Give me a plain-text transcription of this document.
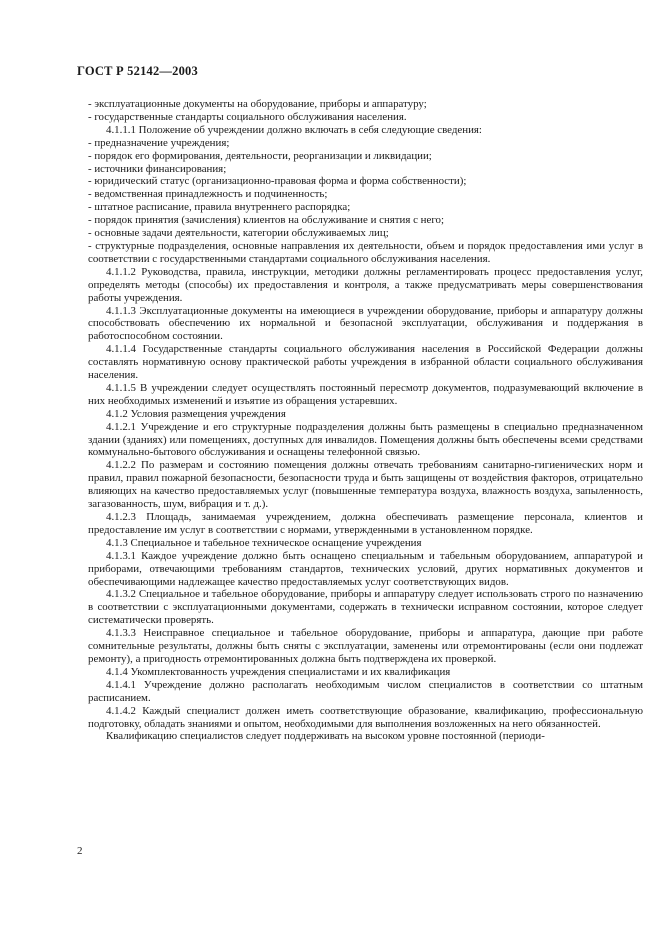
ГОСТ Р 52142—2003

- эксплуатационные документы на оборудование, приборы и аппаратуру;

- государственные стандарты социального обслуживания населения.

4.1.1.1 Положение об учреждении должно включать в себя следующие сведения:

- предназначение учреждения;

- порядок его формирования, деятельности, реорганизации и ликвидации;

- источники финансирования;

- юридический статус (организационно-правовая форма и форма собственности);

- ведомственная принадлежность и подчиненность;

- штатное расписание, правила внутреннего распорядка;

- порядок принятия (зачисления) клиентов на обслуживание и снятия с него;

- основные задачи деятельности, категории обслуживаемых лиц;

- структурные подразделения, основные направления их деятельности, объем и порядок предоставления ими услуг в соответствии с государственными стандартами социального обслуживания населения.

4.1.1.2 Руководства, правила, инструкции, методики должны регламентировать процесс предоставления услуг, определять методы (способы) их предоставления и контроля, а также предусматривать меры совершенствования работы учреждения.

4.1.1.3 Эксплуатационные документы на имеющиеся в учреждении оборудование, приборы и аппаратуру должны способствовать обеспечению их нормальной и безопасной эксплуатации, обслуживания и поддержания в работоспособном состоянии.

4.1.1.4 Государственные стандарты социального обслуживания населения в Российской Федерации должны составлять нормативную основу практической работы учреждения в избранной области социального обслуживания населения.

4.1.1.5 В учреждении следует осуществлять постоянный пересмотр документов, подразумевающий включение в них необходимых изменений и изъятие из обращения устаревших.

4.1.2 Условия размещения учреждения

4.1.2.1 Учреждение и его структурные подразделения должны быть размещены в специально предназначенном здании (зданиях) или помещениях, доступных для инвалидов. Помещения должны быть обеспечены всеми средствами коммунально-бытового обслуживания и оснащены телефонной связью.

4.1.2.2 По размерам и состоянию помещения должны отвечать требованиям санитарно-гигиенических норм и правил, правил пожарной безопасности, безопасности труда и быть защищены от воздействия факторов, отрицательно влияющих на качество предоставляемых услуг (повышенные температура воздуха, влажность воздуха, запыленность, загазованность, шум, вибрация и т. д.).

4.1.2.3 Площадь, занимаемая учреждением, должна обеспечивать размещение персонала, клиентов и предоставление им услуг в соответствии с нормами, утвержденными в установленном порядке.

4.1.3 Специальное и табельное техническое оснащение учреждения

4.1.3.1 Каждое учреждение должно быть оснащено специальным и табельным оборудованием, аппаратурой и приборами, отвечающими требованиям стандартов, технических условий, других нормативных документов и обеспечивающими надлежащее качество предоставляемых услуг соответствующих видов.

4.1.3.2 Специальное и табельное оборудование, приборы и аппаратуру следует использовать строго по назначению в соответствии с эксплуатационными документами, содержать в технически исправном состоянии, которое следует систематически проверять.

4.1.3.3 Неисправное специальное и табельное оборудование, приборы и аппаратура, дающие при работе сомнительные результаты, должны быть сняты с эксплуатации, заменены или отремонтированы (если они подлежат ремонту), а пригодность отремонтированных должна быть подтверждена их проверкой.

4.1.4 Укомплектованность учреждения специалистами и их квалификация

4.1.4.1 Учреждение должно располагать необходимым числом специалистов в соответствии со штатным расписанием.

4.1.4.2 Каждый специалист должен иметь соответствующие образование, квалификацию, профессиональную подготовку, обладать знаниями и опытом, необходимыми для выполнения возложенных на него обязанностей.

Квалификацию специалистов следует поддерживать на высоком уровне постоянной (периоди-

2
